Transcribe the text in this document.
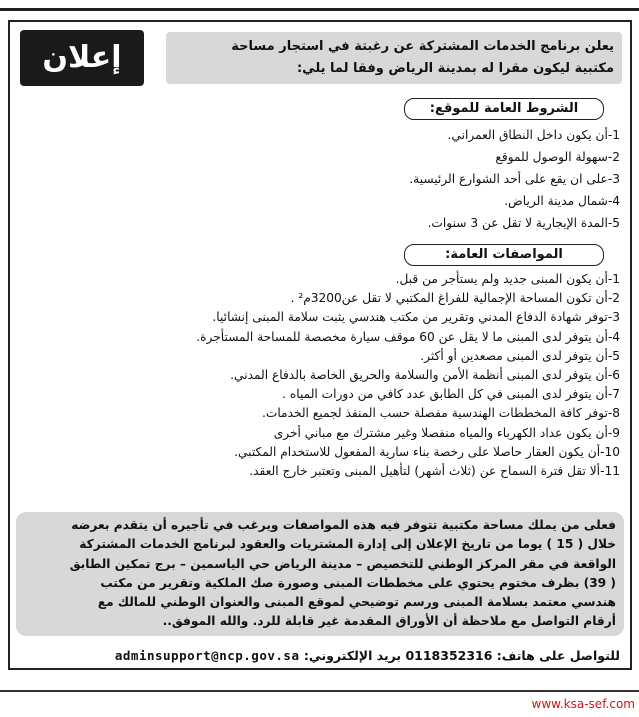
يعلن برنامج الخدمات المشتركة عن رغبتة في استجار مساحة
مكتبية ليكون مقرا له بمدينة الرياض وفقا لما يلي:
إعلان
الشروط العامة للموقع:
1-أن يكون داخل النطاق العمراني.
2-سهولة الوصول للموقع
3-على ان يقع على أحد الشوارع الرئيسية.
4-شمال مدينة الرياض.
5-المدة الإيجارية لا تقل عن 3 سنوات.
المواصفات العامة:
1-أن يكون المبنى جديد ولم يستأجر من قبل.
2-أن تكون المساحة الإجمالية للفراغ المكتبي لا تقل عن3200م² .
3-توفر شهادة الدفاع المدني وتقرير من مكتب هندسي يثبت سلامة المبنى إنشائيا.
4-أن يتوفر لدى المبنى ما لا يقل عن 60 موقف سيارة مخصصة للمساحة المستأجرة.
5-أن يتوفر لدى المبنى مصعدين أو أكثر.
6-أن يتوفر لدى المبنى أنظمة الأمن والسلامة والحريق الخاصة بالدفاع المدني.
7-أن يتوفر لدى المبنى في كل الطابق عدد كافي من دورات المياه .
8-توفر كافة المخططات الهندسية مفصلة حسب المنفذ لجميع الخدمات.
9-أن يكون عداد الكهرباء والمياه منفصلا وغير مشترك مع مباني أخرى
10-أن يكون العقار حاصلا على رخصة بناء سارية المفعول للاستخدام المكتبي.
11-ألا تقل فترة السماح عن (ثلاث أشهر) لتأهيل المبنى وتعتبر خارج العقد.
فعلى من يملك مساحة مكتبية تتوفر فيه هذه المواصفات ويرغب في تأجيره أن يتقدم بعرضه
خلال ( 15 ) يوما من تاريخ الإعلان إلى إدارة المشتريات والعقود لبرنامج الخدمات المشتركة
الواقعة في مقر المركز الوطني للتخصيص – مدينة الرياض حي الياسمين – برج تمكين الطابق
( 39) بظرف مختوم يحتوي على مخططات المبنى وصورة صك الملكية وتقرير من مكتب
هندسي معتمد بسلامة المبنى ورسم توضيحي لموقع المبنى والعنوان الوطني للمالك مع
أرقام التواصل مع ملاحظة أن الأوراق المقدمة غير قابلة للرد. والله الموفق..
للتواصل على هاتف: 0118352316 بريد الإلكتروني: adminsupport@ncp.gov.sa
www.ksa-sef.com
